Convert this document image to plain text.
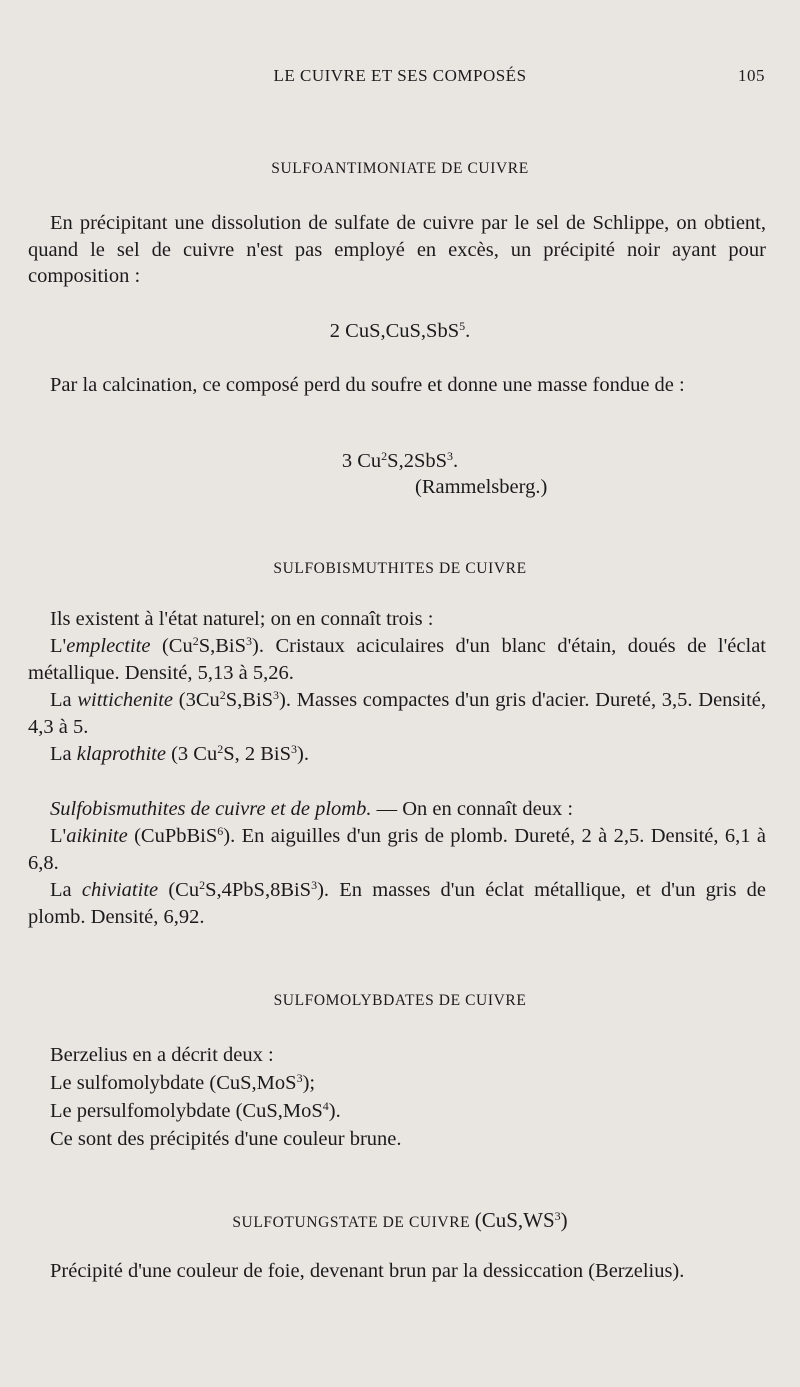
LE CUIVRE ET SES COMPOSÉS	105
SULFOANTIMONIATE DE CUIVRE
En précipitant une dissolution de sulfate de cuivre par le sel de Schlippe, on obtient, quand le sel de cuivre n'est pas employé en excès, un précipité noir ayant pour composition :
2 CuS,CuS,SbS$^5$.
Par la calcination, ce composé perd du soufre et donne une masse fondue de :
3 Cu$^2$S,2SbS$^3$.
(Rammelsberg.)
SULFOBISMUTHITES DE CUIVRE
Ils existent à l'état naturel; on en connaît trois :
L'emplectite (Cu$^2$S,BiS$^3$). Cristaux aciculaires d'un blanc d'étain, doués de l'éclat métallique. Densité, 5,13 à 5,26.
La wittichenite (3Cu$^2$S,BiS$^3$). Masses compactes d'un gris d'acier. Dureté, 3,5. Densité, 4,3 à 5.
La klaprothite (3 Cu$^2$S, 2 BiS$^3$).
Sulfobismuthites de cuivre et de plomb. — On en connaît deux :
L'aikinite (CuPbBiS$^6$). En aiguilles d'un gris de plomb. Dureté, 2 à 2,5. Densité, 6,1 à 6,8.
La chiviatite (Cu$^2$S,4PbS,8BiS$^3$). En masses d'un éclat métallique, et d'un gris de plomb. Densité, 6,92.
SULFOMOLYBDATES DE CUIVRE
Berzelius en a décrit deux :
Le sulfomolybdate (CuS,MoS$^3$);
Le persulfomolybdate (CuS,MoS$^4$).
Ce sont des précipités d'une couleur brune.
SULFOTUNGSTATE DE CUIVRE $(CuS,WS^3)$
Précipité d'une couleur de foie, devenant brun par la dessiccation (Berzelius).
